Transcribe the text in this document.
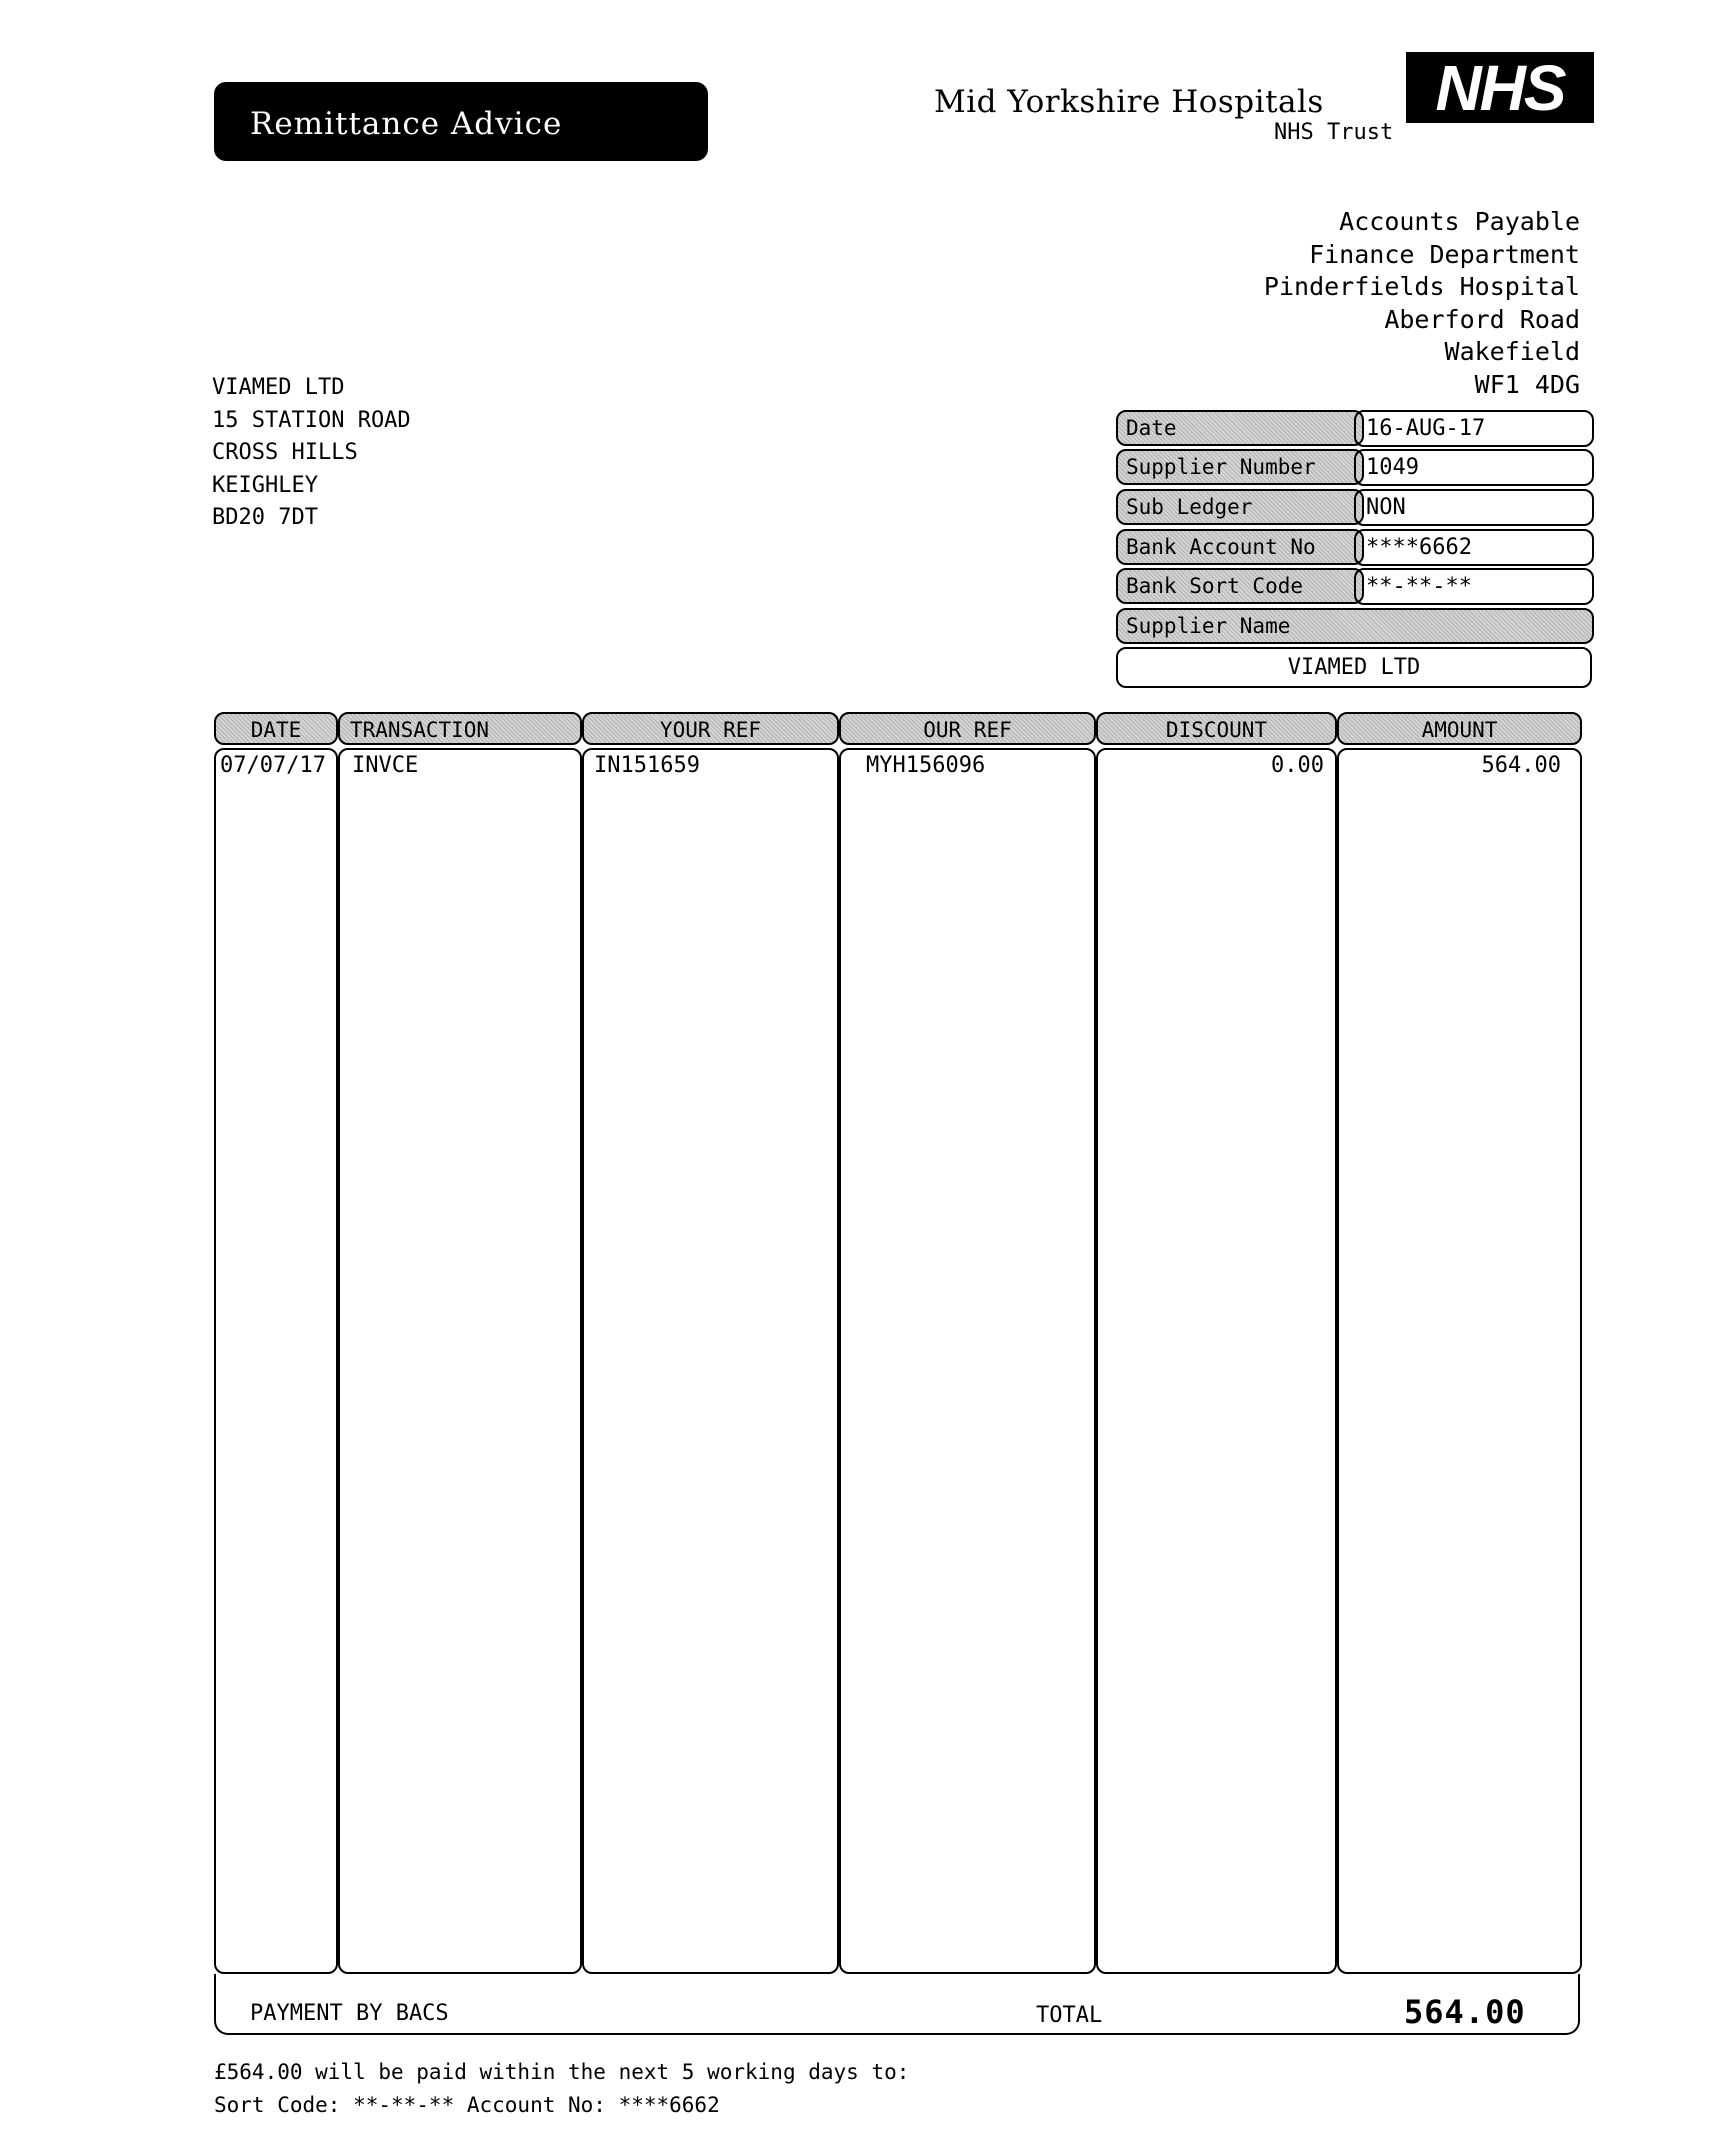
Remittance Advice
Mid Yorkshire Hospitals
NHS Trust
NHS
Accounts Payable
Finance Department
Pinderfields Hospital
Aberford Road
Wakefield
WF1 4DG
VIAMED LTD
15 STATION ROAD
CROSS HILLS
KEIGHLEY
BD20 7DT
Date	16-AUG-17
Supplier Number	1049
Sub Ledger	NON
Bank Account No	****6662
Bank Sort Code	**-**-**
Supplier Name
VIAMED LTD
DATE	TRANSACTION	YOUR REF	OUR REF	DISCOUNT	AMOUNT
07/07/17 INVCE	IN151659	MYH156096	0.00	564.00
PAYMENT BY BACS	TOTAL	564.00
£564.00 will be paid within the next 5 working days to:
Sort Code: **-**-** Account No: ****6662
